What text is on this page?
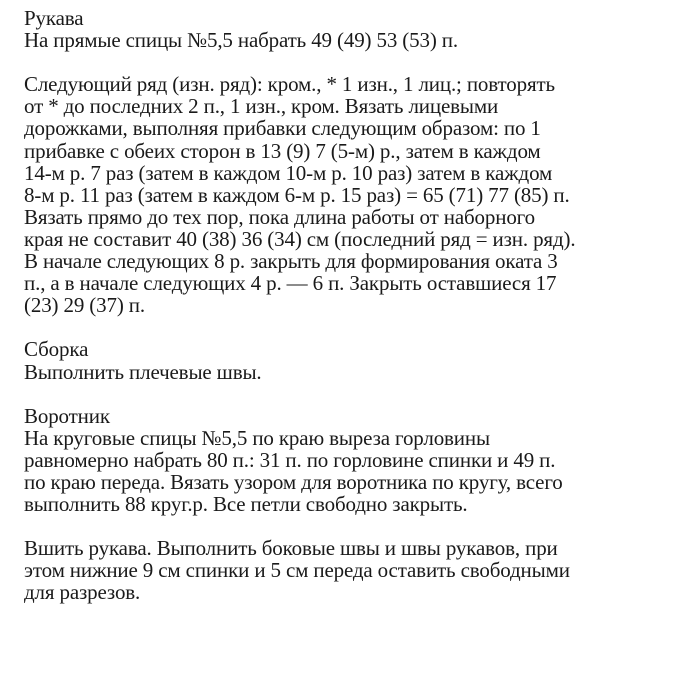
Рукава
На прямые спицы №5,5 набрать 49 (49) 53 (53) п.
Следующий ряд (изн. ряд): кром., * 1 изн., 1 лиц.; повторять
от * до последних 2 п., 1 изн., кром. Вязать лицевыми
дорожками, выполняя прибавки следующим образом: по 1
прибавке с обеих сторон в 13 (9) 7 (5-м) р., затем в каждом
14-м р. 7 раз (затем в каждом 10-м р. 10 раз) затем в каждом
8-м р. 11 раз (затем в каждом 6-м р. 15 раз) = 65 (71) 77 (85) п.
Вязать прямо до тех пор, пока длина работы от наборного
края не составит 40 (38) 36 (34) см (последний ряд = изн. ряд).
В начале следующих 8 р. закрыть для формирования оката 3
п., а в начале следующих 4 р. — 6 п. Закрыть оставшиеся 17
(23) 29 (37) п.
Сборка
Выполнить плечевые швы.
Воротник
На круговые спицы №5,5 по краю выреза горловины
равномерно набрать 80 п.: 31 п. по горловине спинки и 49 п.
по краю переда. Вязать узором для воротника по кругу, всего
выполнить 88 круг.р. Все петли свободно закрыть.
Вшить рукава. Выполнить боковые швы и швы рукавов, при
этом нижние 9 см спинки и 5 см переда оставить свободными
для разрезов.
